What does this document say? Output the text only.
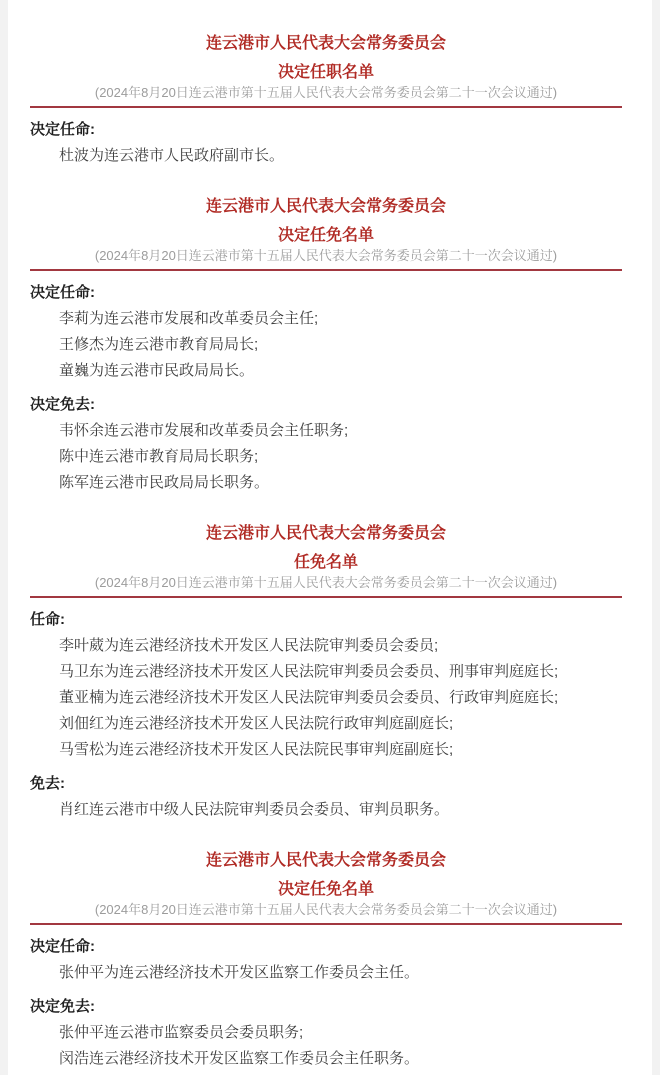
连云港市人民代表大会常务委员会
决定任职名单

(2024年8月20日连云港市第十五届人民代表大会常务委员会第二十一次会议通过)

决定任命:

杜波为连云港市人民政府副市长。

连云港市人民代表大会常务委员会
决定任免名单

(2024年8月20日连云港市第十五届人民代表大会常务委员会第二十一次会议通过)

决定任命:

李莉为连云港市发展和改革委员会主任;

王修杰为连云港市教育局局长;

童巍为连云港市民政局局长。

决定免去:

韦怀余连云港市发展和改革委员会主任职务;

陈中连云港市教育局局长职务;

陈军连云港市民政局局长职务。

连云港市人民代表大会常务委员会
任免名单

(2024年8月20日连云港市第十五届人民代表大会常务委员会第二十一次会议通过)

任命:

李叶葳为连云港经济技术开发区人民法院审判委员会委员;

马卫东为连云港经济技术开发区人民法院审判委员会委员、刑事审判庭庭长;

董亚楠为连云港经济技术开发区人民法院审判委员会委员、行政审判庭庭长;

刘佃红为连云港经济技术开发区人民法院行政审判庭副庭长;

马雪松为连云港经济技术开发区人民法院民事审判庭副庭长;

免去:

肖红连云港市中级人民法院审判委员会委员、审判员职务。

连云港市人民代表大会常务委员会
决定任免名单

(2024年8月20日连云港市第十五届人民代表大会常务委员会第二十一次会议通过)

决定任命:

张仲平为连云港经济技术开发区监察工作委员会主任。

决定免去:

张仲平连云港市监察委员会委员职务;

闵浩连云港经济技术开发区监察工作委员会主任职务。
